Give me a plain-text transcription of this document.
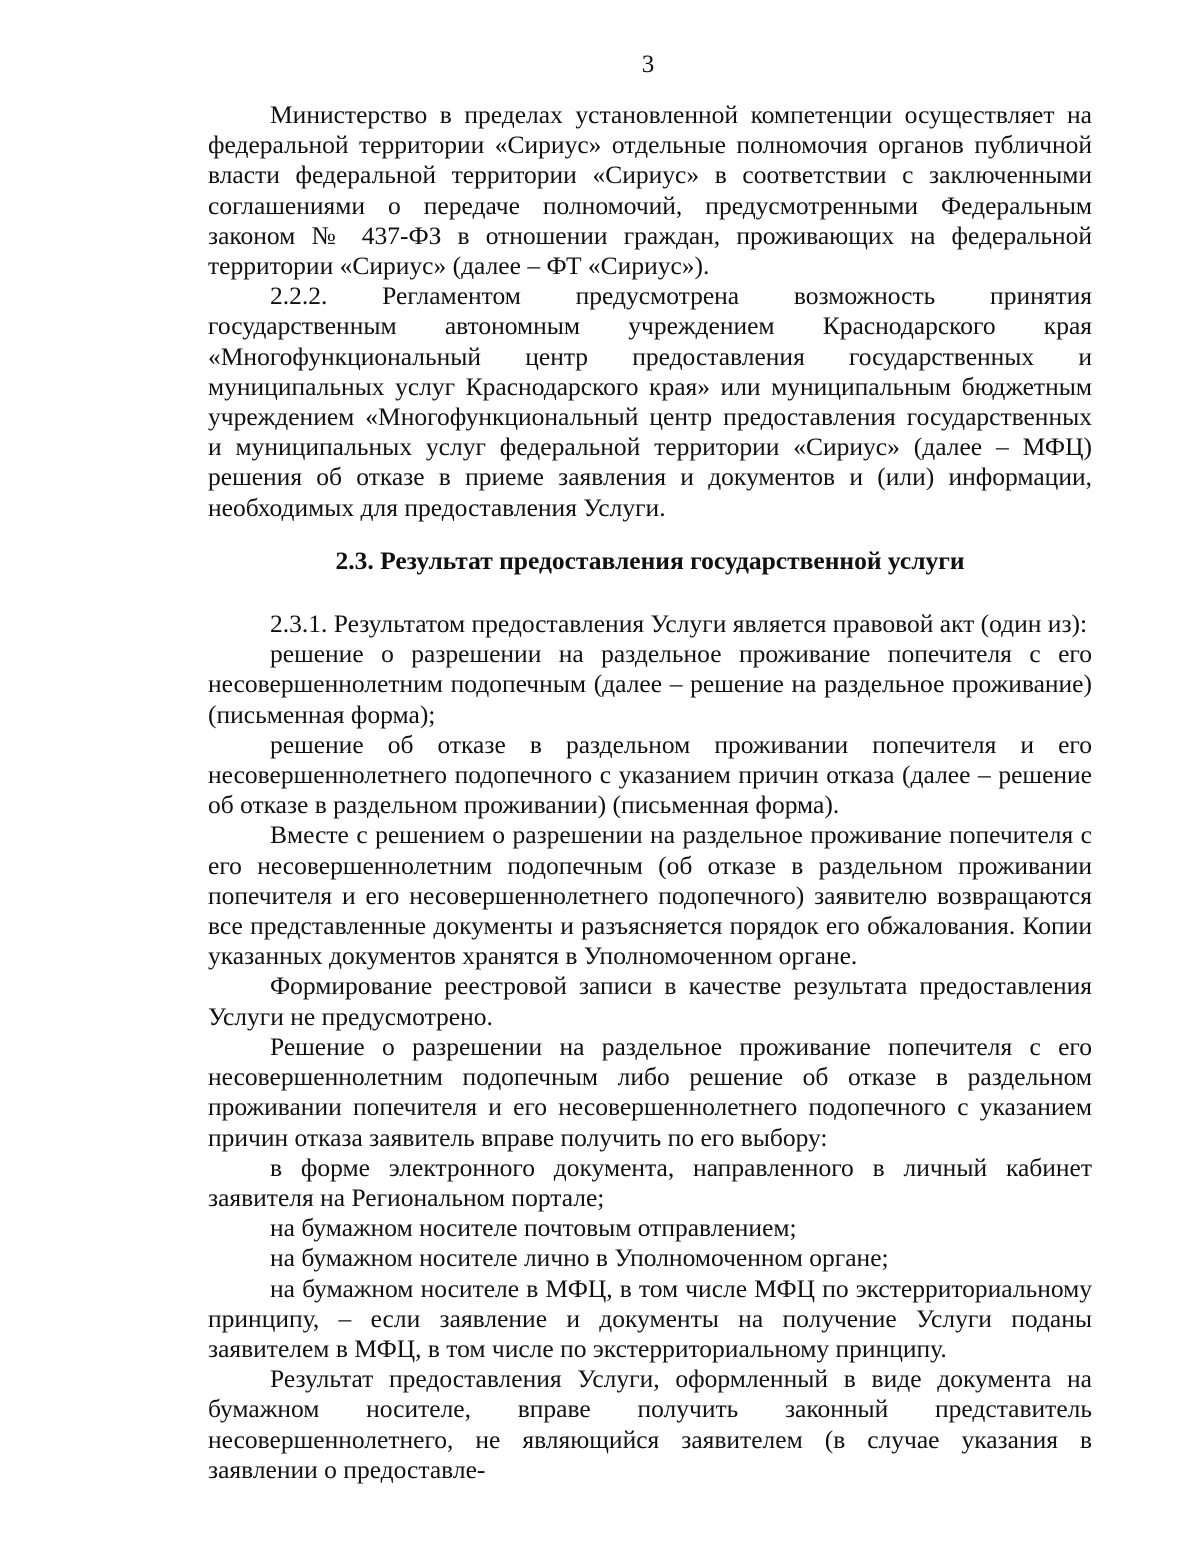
3

Министерство в пределах установленной компетенции осуществляет на федеральной территории «Сириус» отдельные полномочия органов публичной власти федеральной территории «Сириус» в соответствии с заключенными соглашениями о передаче полномочий, предусмотренными Федеральным законом № 437-ФЗ в отношении граждан, проживающих на федеральной территории «Сириус» (далее – ФТ «Сириус»).

2.2.2. Регламентом предусмотрена возможность принятия государственным автономным учреждением Краснодарского края «Многофункциональный центр предоставления государственных и муниципальных услуг Краснодарского края» или муниципальным бюджетным учреждением «Многофункциональный центр предоставления государственных и муниципальных услуг федеральной территории «Сириус» (далее – МФЦ) решения об отказе в приеме заявления и документов и (или) информации, необходимых для предоставления Услуги.

2.3. Результат предоставления государственной услуги

2.3.1. Результатом предоставления Услуги является правовой акт (один из):

решение о разрешении на раздельное проживание попечителя с его несовершеннолетним подопечным (далее – решение на раздельное проживание) (письменная форма);

решение об отказе в раздельном проживании попечителя и его несовершеннолетнего подопечного с указанием причин отказа (далее – решение об отказе в раздельном проживании) (письменная форма).

Вместе с решением о разрешении на раздельное проживание попечителя с его несовершеннолетним подопечным (об отказе в раздельном проживании попечителя и его несовершеннолетнего подопечного) заявителю возвращаются все представленные документы и разъясняется порядок его обжалования. Копии указанных документов хранятся в Уполномоченном органе.

Формирование реестровой записи в качестве результата предоставления Услуги не предусмотрено.

Решение о разрешении на раздельное проживание попечителя с его несовершеннолетним подопечным либо решение об отказе в раздельном проживании попечителя и его несовершеннолетнего подопечного с указанием причин отказа заявитель вправе получить по его выбору:

в форме электронного документа, направленного в личный кабинет заявителя на Региональном портале;

на бумажном носителе почтовым отправлением;

на бумажном носителе лично в Уполномоченном органе;

на бумажном носителе в МФЦ, в том числе МФЦ по экстерриториальному принципу, – если заявление и документы на получение Услуги поданы заявителем в МФЦ, в том числе по экстерриториальному принципу.

Результат предоставления Услуги, оформленный в виде документа на бумажном носителе, вправе получить законный представитель несовершеннолетнего, не являющийся заявителем (в случае указания в заявлении о предоставле-
